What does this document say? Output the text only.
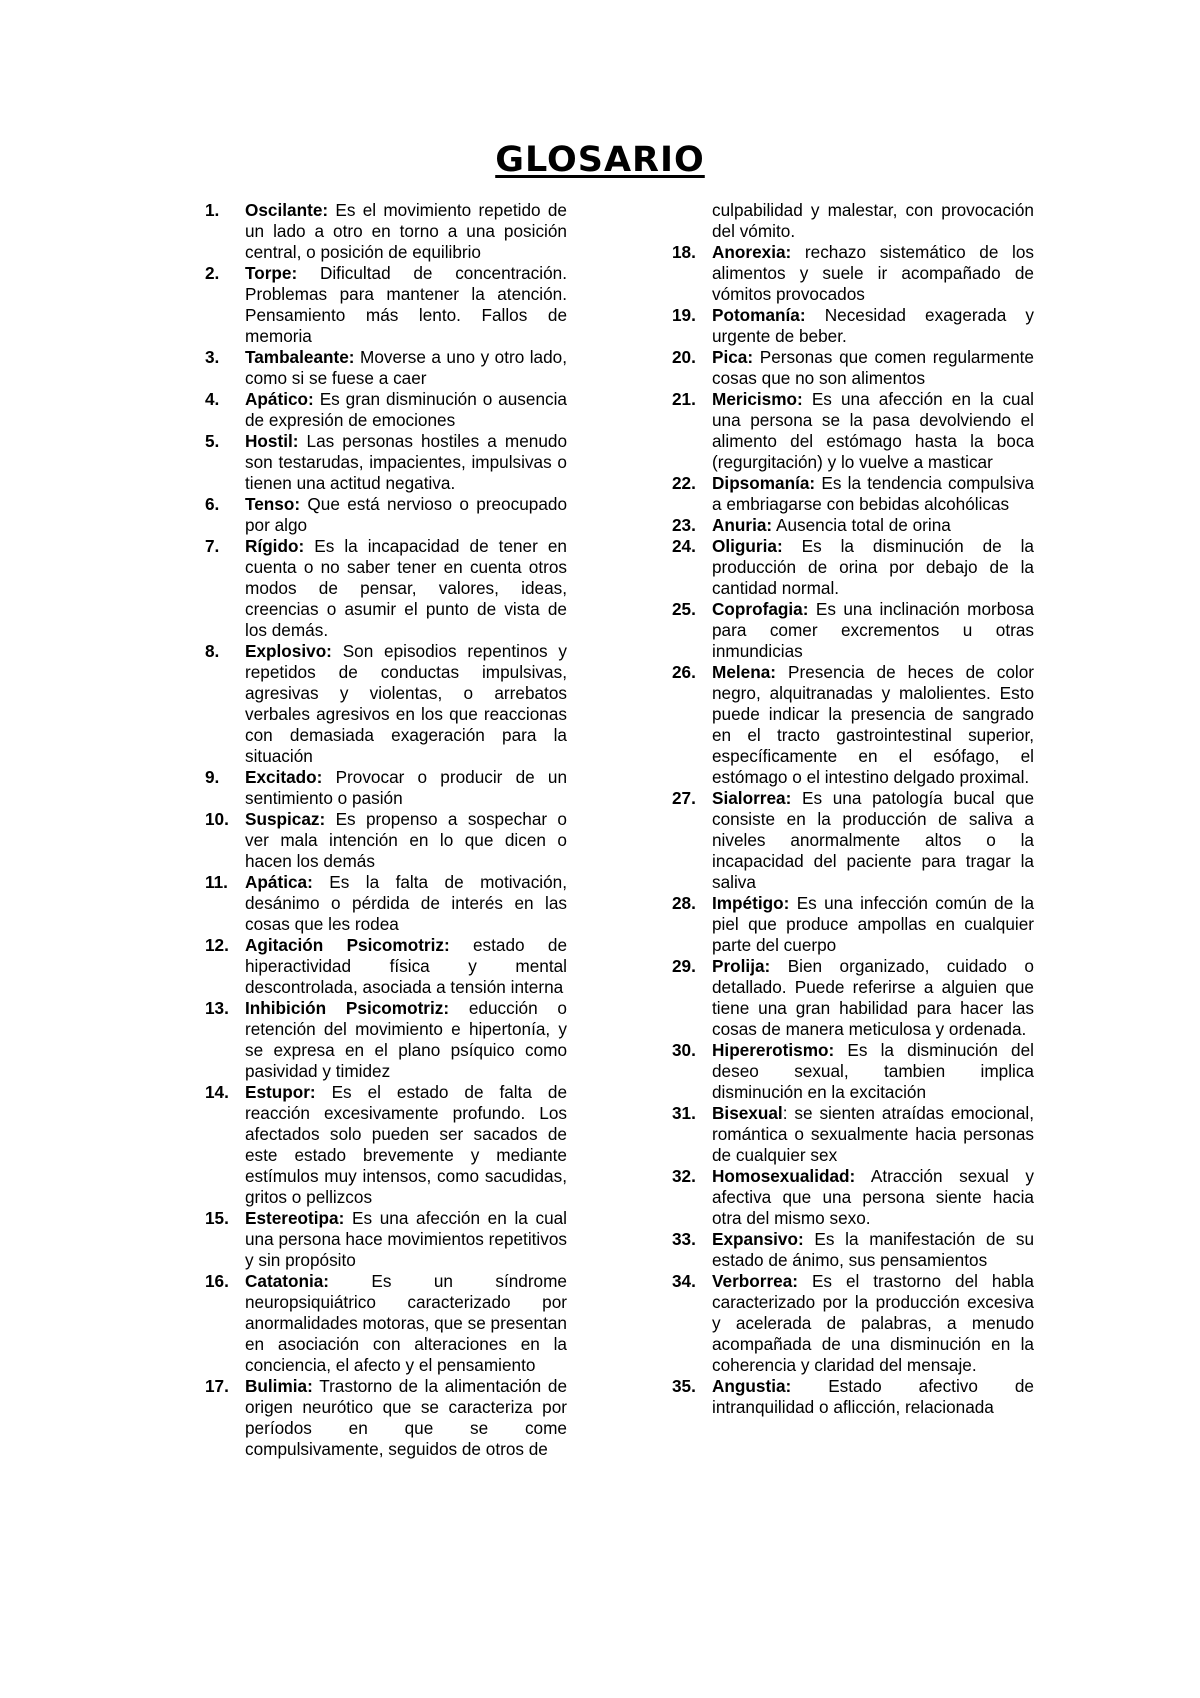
GLOSARIO
1. Oscilante: Es el movimiento repetido de un lado a otro en torno a una posición central, o posición de equilibrio
2. Torpe: Dificultad de concentración. Problemas para mantener la atención. Pensamiento más lento. Fallos de memoria
3. Tambaleante: Moverse a uno y otro lado, como si se fuese a caer
4. Apático: Es gran disminución o ausencia de expresión de emociones
5. Hostil: Las personas hostiles a menudo son testarudas, impacientes, impulsivas o tienen una actitud negativa.
6. Tenso: Que está nervioso o preocupado por algo
7. Rígido: Es la incapacidad de tener en cuenta o no saber tener en cuenta otros modos de pensar, valores, ideas, creencias o asumir el punto de vista de los demás.
8. Explosivo: Son episodios repentinos y repetidos de conductas impulsivas, agresivas y violentas, o arrebatos verbales agresivos en los que reaccionas con demasiada exageración para la situación
9. Excitado: Provocar o producir de un sentimiento o pasión
10. Suspicaz: Es propenso a sospechar o ver mala intención en lo que dicen o hacen los demás
11. Apática: Es la falta de motivación, desánimo o pérdida de interés en las cosas que les rodea
12. Agitación Psicomotriz: estado de hiperactividad física y mental descontrolada, asociada a tensión interna
13. Inhibición Psicomotriz: educción o retención del movimiento e hipertonía, y se expresa en el plano psíquico como pasividad y timidez
14. Estupor: Es el estado de falta de reacción excesivamente profundo. Los afectados solo pueden ser sacados de este estado brevemente y mediante estímulos muy intensos, como sacudidas, gritos o pellizcos
15. Estereotipa: Es una afección en la cual una persona hace movimientos repetitivos y sin propósito
16. Catatonia: Es un síndrome neuropsiquiátrico caracterizado por anormalidades motoras, que se presentan en asociación con alteraciones en la conciencia, el afecto y el pensamiento
17. Bulimia: Trastorno de la alimentación de origen neurótico que se caracteriza por períodos en que se come compulsivamente, seguidos de otros de
culpabilidad y malestar, con provocación del vómito.
18. Anorexia: rechazo sistemático de los alimentos y suele ir acompañado de vómitos provocados
19. Potomanía: Necesidad exagerada y urgente de beber.
20. Pica: Personas que comen regularmente cosas que no son alimentos
21. Mericismo: Es una afección en la cual una persona se la pasa devolviendo el alimento del estómago hasta la boca (regurgitación) y lo vuelve a masticar
22. Dipsomanía: Es la tendencia compulsiva a embriagarse con bebidas alcohólicas
23. Anuria: Ausencia total de orina
24. Oliguria: Es la disminución de la producción de orina por debajo de la cantidad normal.
25. Coprofagia: Es una inclinación morbosa para comer excrementos u otras inmundicias
26. Melena: Presencia de heces de color negro, alquitranadas y malolientes. Esto puede indicar la presencia de sangrado en el tracto gastrointestinal superior, específicamente en el esófago, el estómago o el intestino delgado proximal.
27. Sialorrea: Es una patología bucal que consiste en la producción de saliva a niveles anormalmente altos o la incapacidad del paciente para tragar la saliva
28. Impétigo: Es una infección común de la piel que produce ampollas en cualquier parte del cuerpo
29. Prolija: Bien organizado, cuidado o detallado. Puede referirse a alguien que tiene una gran habilidad para hacer las cosas de manera meticulosa y ordenada.
30. Hipererotismo: Es la disminución del deseo sexual, tambien implica disminución en la excitación
31. Bisexual: se sienten atraídas emocional, romántica o sexualmente hacia personas de cualquier sex
32. Homosexualidad: Atracción sexual y afectiva que una persona siente hacia otra del mismo sexo.
33. Expansivo: Es la manifestación de su estado de ánimo, sus pensamientos
34. Verborrea: Es el trastorno del habla caracterizado por la producción excesiva y acelerada de palabras, a menudo acompañada de una disminución en la coherencia y claridad del mensaje.
35. Angustia: Estado afectivo de intranquilidad o aflicción, relacionada
